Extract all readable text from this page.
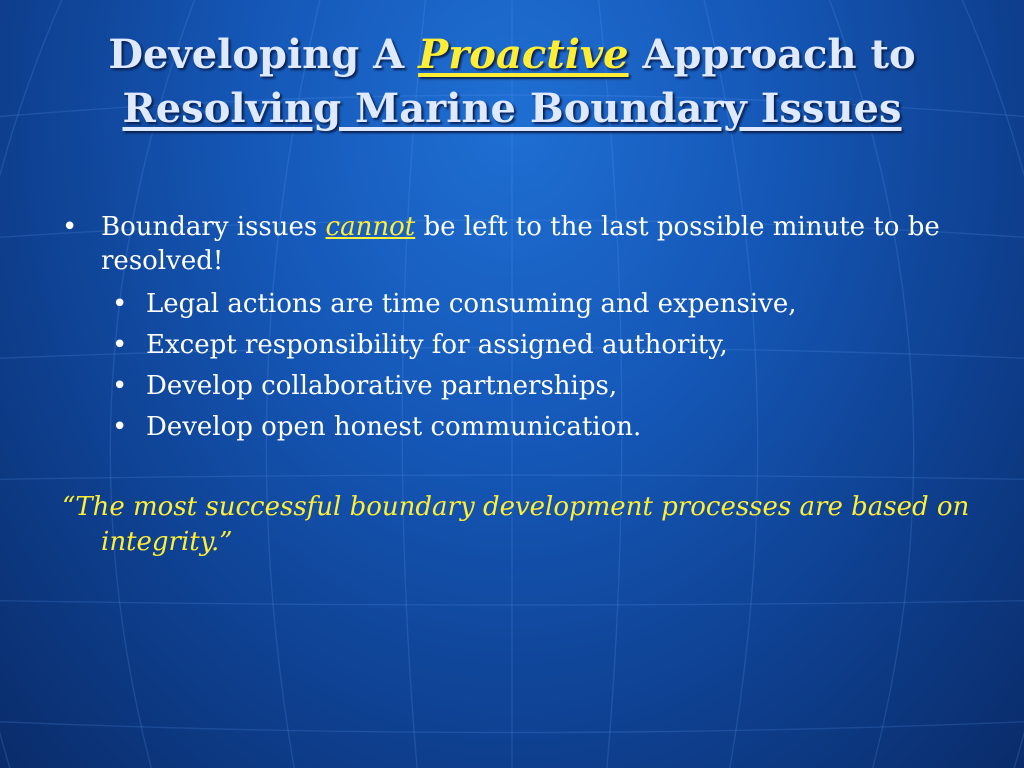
Developing A Proactive Approach to
Resolving Marine Boundary Issues
• Boundary issues cannot be left to the last possible minute to be resolved!
• Legal actions are time consuming and expensive,
• Except responsibility for assigned authority,
• Develop collaborative partnerships,
• Develop open honest communication.
“The most successful boundary development processes are based on integrity.”
